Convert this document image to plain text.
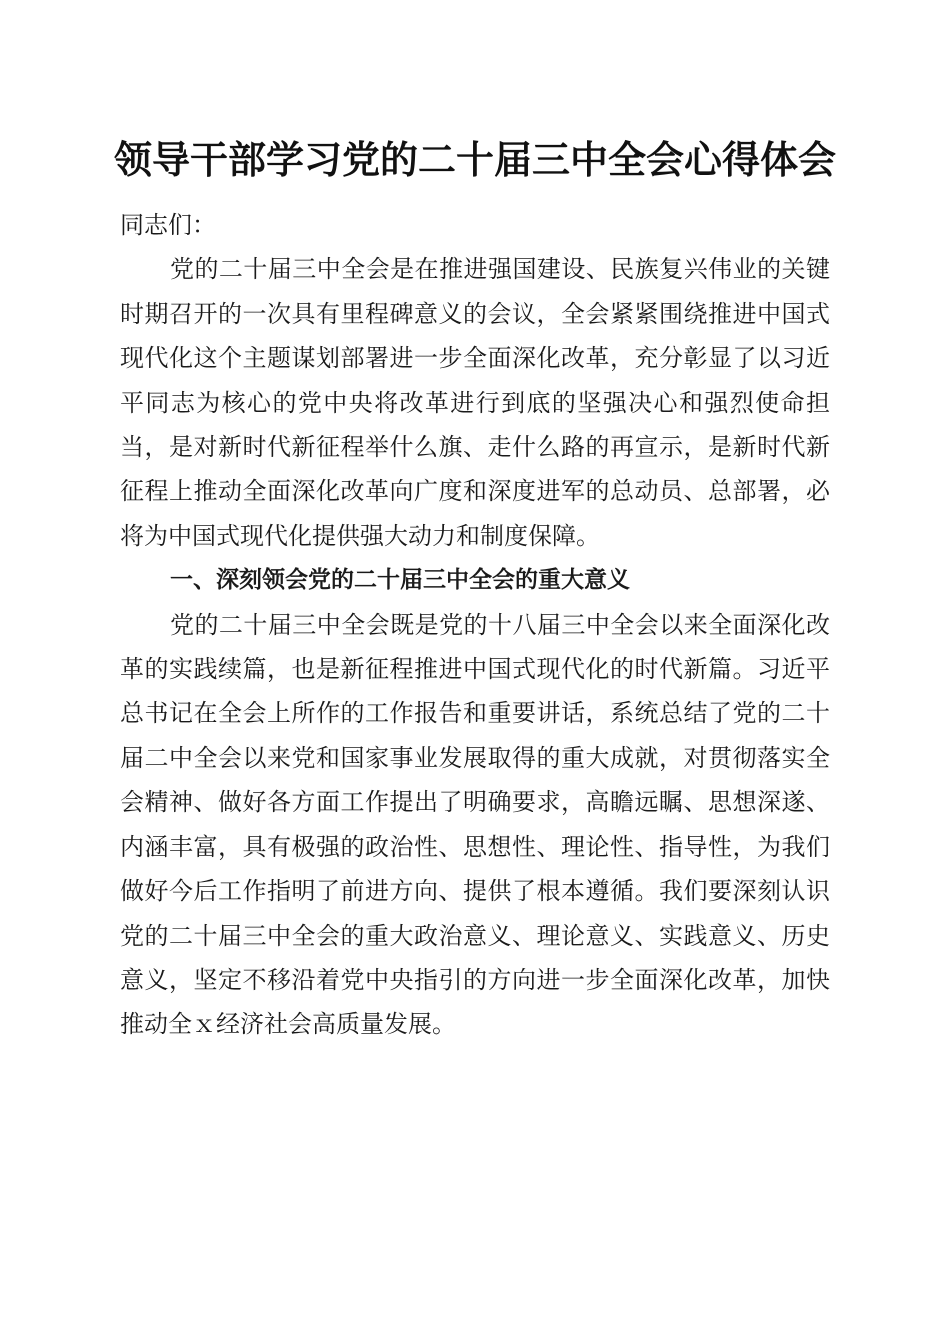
领导干部学习党的二十届三中全会心得体会

同志们：

党的二十届三中全会是在推进强国建设、民族复兴伟业的关键时期召开的一次具有里程碑意义的会议，全会紧紧围绕推进中国式现代化这个主题谋划部署进一步全面深化改革，充分彰显了以习近平同志为核心的党中央将改革进行到底的坚强决心和强烈使命担当，是对新时代新征程举什么旗、走什么路的再宣示，是新时代新征程上推动全面深化改革向广度和深度进军的总动员、总部署，必将为中国式现代化提供强大动力和制度保障。

一、深刻领会党的二十届三中全会的重大意义

党的二十届三中全会既是党的十八届三中全会以来全面深化改革的实践续篇，也是新征程推进中国式现代化的时代新篇。习近平总书记在全会上所作的工作报告和重要讲话，系统总结了党的二十届二中全会以来党和国家事业发展取得的重大成就，对贯彻落实全会精神、做好各方面工作提出了明确要求，高瞻远瞩、思想深遂、内涵丰富，具有极强的政治性、思想性、理论性、指导性，为我们做好今后工作指明了前进方向、提供了根本遵循。我们要深刻认识党的二十届三中全会的重大政治意义、理论意义、实践意义、历史意义，坚定不移沿着党中央指引的方向进一步全面深化改革，加快推动全ｘ经济社会高质量发展。
